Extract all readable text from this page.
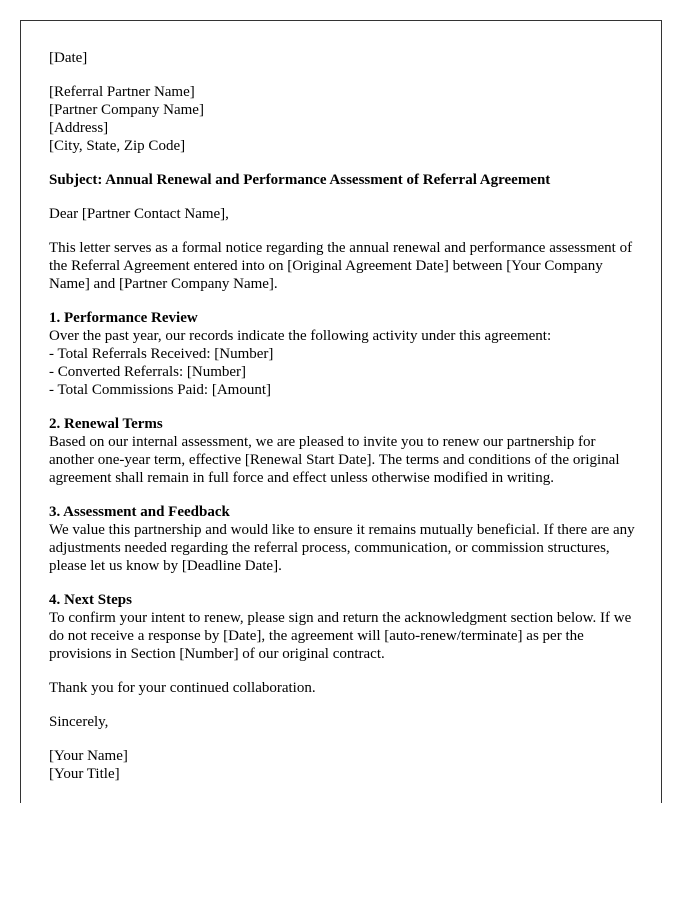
[Date]

[Referral Partner Name]
[Partner Company Name]
[Address]
[City, State, Zip Code]

Subject: Annual Renewal and Performance Assessment of Referral Agreement

Dear [Partner Contact Name],

This letter serves as a formal notice regarding the annual renewal and performance assessment of the Referral Agreement entered into on [Original Agreement Date] between [Your Company Name] and [Partner Company Name].

1. Performance Review
Over the past year, our records indicate the following activity under this agreement:
- Total Referrals Received: [Number]
- Converted Referrals: [Number]
- Total Commissions Paid: [Amount]

2. Renewal Terms
Based on our internal assessment, we are pleased to invite you to renew our partnership for another one-year term, effective [Renewal Start Date]. The terms and conditions of the original agreement shall remain in full force and effect unless otherwise modified in writing.

3. Assessment and Feedback
We value this partnership and would like to ensure it remains mutually beneficial. If there are any adjustments needed regarding the referral process, communication, or commission structures, please let us know by [Deadline Date].

4. Next Steps
To confirm your intent to renew, please sign and return the acknowledgment section below. If we do not receive a response by [Date], the agreement will [auto-renew/terminate] as per the provisions in Section [Number] of our original contract.

Thank you for your continued collaboration.

Sincerely,

[Your Name]
[Your Title]
